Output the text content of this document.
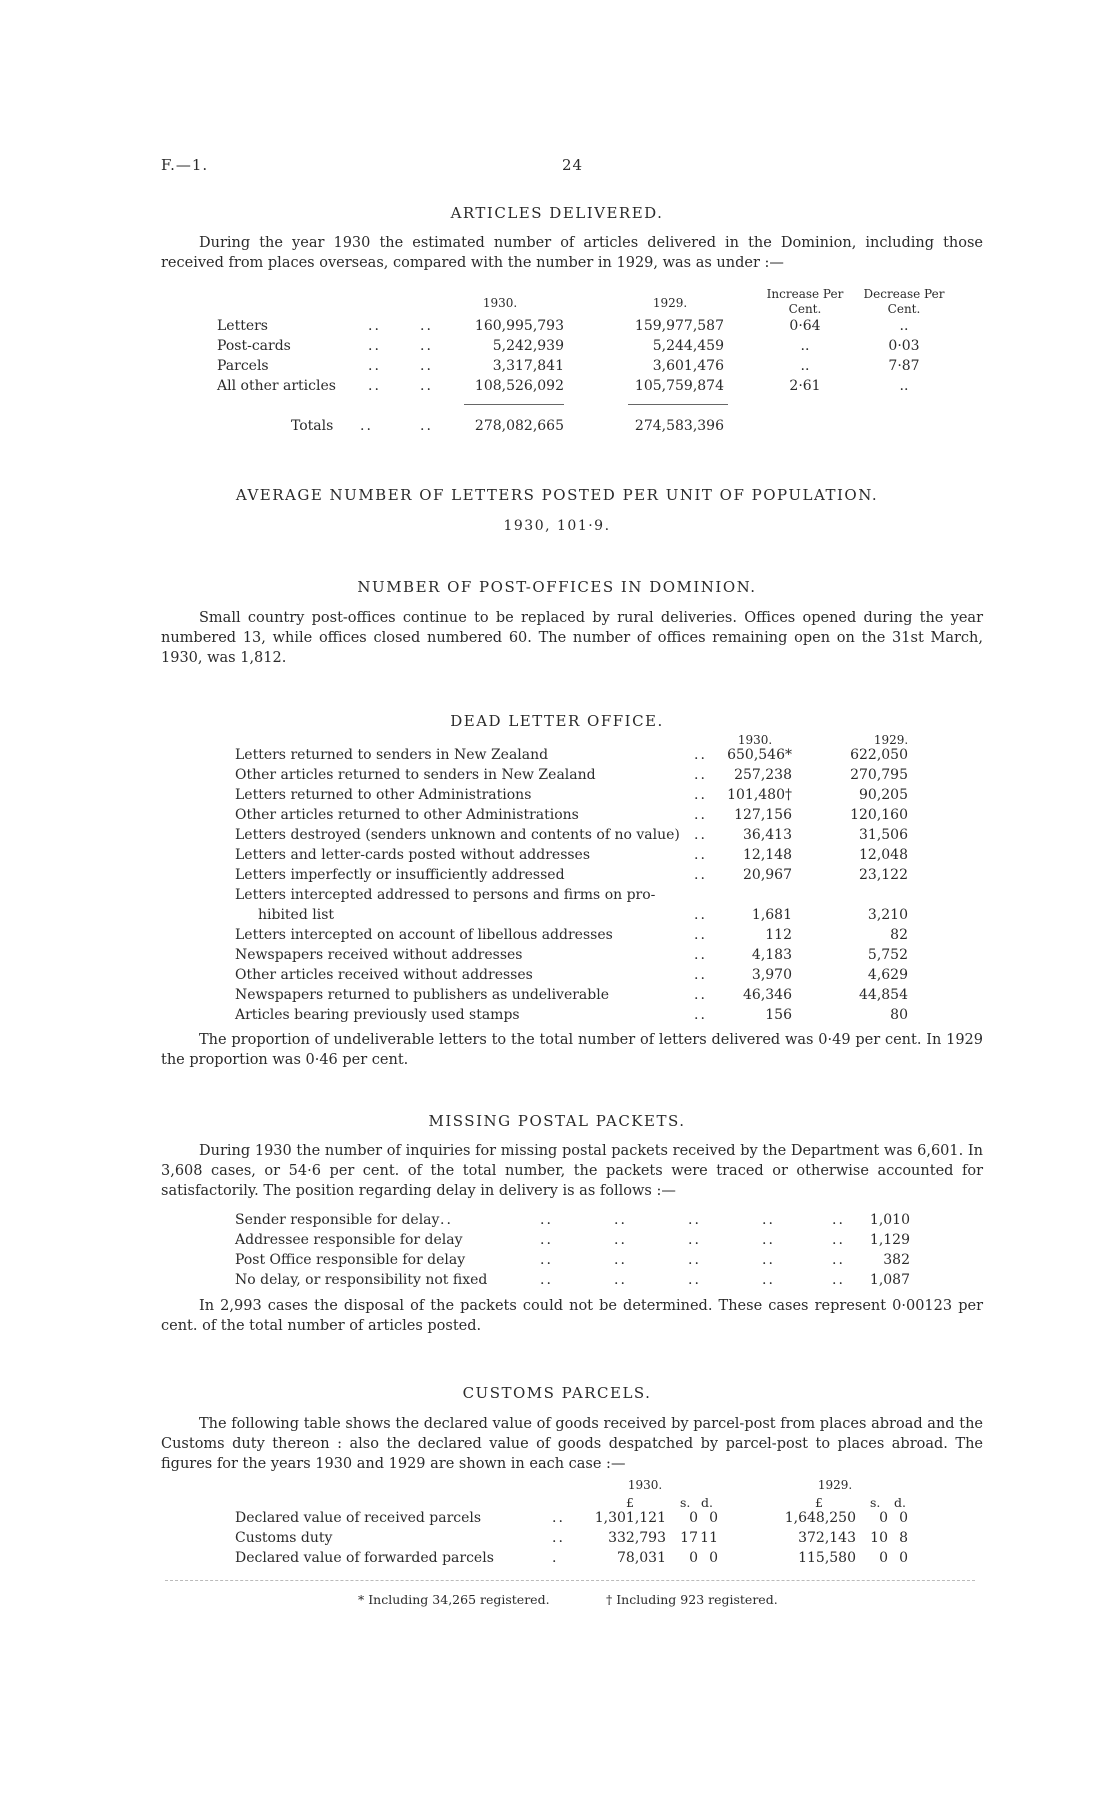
F.—1.	24
ARTICLES DELIVERED.
During the year 1930 the estimated number of articles delivered in the Dominion, including those received from places overseas, compared with the number in 1929, was as under :—
1930.	1929.
Increase Per Cent.
Decrease Per Cent.
Letters	..	..	160,995,793	159,977,587	0·64	..
Post-cards	..	..	5,242,939	5,244,459	..	0·03
Parcels	..	..	3,317,841	3,601,476	..	7·87
All other articles ..	..	108,526,092	105,759,874	2·61	..
Totals ..	..	278,082,665	274,583,396
AVERAGE NUMBER OF LETTERS POSTED PER UNIT OF POPULATION.
1930, 101·9.
NUMBER OF POST-OFFICES IN DOMINION.
Small country post-offices continue to be replaced by rural deliveries. Offices opened during the year numbered 13, while offices closed numbered 60. The number of offices remaining open on the 31st March, 1930, was 1,812.
DEAD LETTER OFFICE.
1930.	1929.
Letters returned to senders in New Zealand	..	650,546*	622,050
Other articles returned to senders in New Zealand	..	257,238	270,795
Letters returned to other Administrations	..	101,480†	90,205
Other articles returned to other Administrations	..	127,156	120,160
Letters destroyed (senders unknown and contents of no value) ..	36,413	31,506
Letters and letter-cards posted without addresses	..	12,148	12,048
Letters imperfectly or insufficiently addressed	..	20,967	23,122
Letters intercepted addressed to persons and firms on pro-
hibited list	..	1,681	3,210
Letters intercepted on account of libellous addresses	..	112	82
Newspapers received without addresses	..	4,183	5,752
Other articles received without addresses	..	3,970	4,629
Newspapers returned to publishers as undeliverable	..	46,346	44,854
Articles bearing previously used stamps	..	156	80
The proportion of undeliverable letters to the total number of letters delivered was 0·49 per cent. In 1929 the proportion was 0·46 per cent.
MISSING POSTAL PACKETS.
During 1930 the number of inquiries for missing postal packets received by the Department was 6,601. In 3,608 cases, or 54·6 per cent. of the total number, the packets were traced or otherwise accounted for satisfactorily. The position regarding delay in delivery is as follows :—
Sender responsible for delay ..	..	..	..	..	..	1,010
Addressee responsible for delay	..	..	..	..	..	1,129
Post Office responsible for delay	..	..	..	..	..	382
No delay, or responsibility not fixed	..	..	..	..	..	1,087
In 2,993 cases the disposal of the packets could not be determined. These cases represent 0·00123 per cent. of the total number of articles posted.
CUSTOMS PARCELS.
The following table shows the declared value of goods received by parcel-post from places abroad and the Customs duty thereon : also the declared value of goods despatched by parcel-post to places abroad. The figures for the years 1930 and 1929 are shown in each case :—
1930.	1929.
£	s. d.	£	s. d.
Declared value of received parcels	..	1,301,121	0 0	1,648,250	0 0
Customs duty	..	332,793 17 11	372,143 10 8
Declared value of forwarded parcels	.	78,031	0 0	115,580	0 0
* Including 34,265 registered.	† Including 923 registered.
